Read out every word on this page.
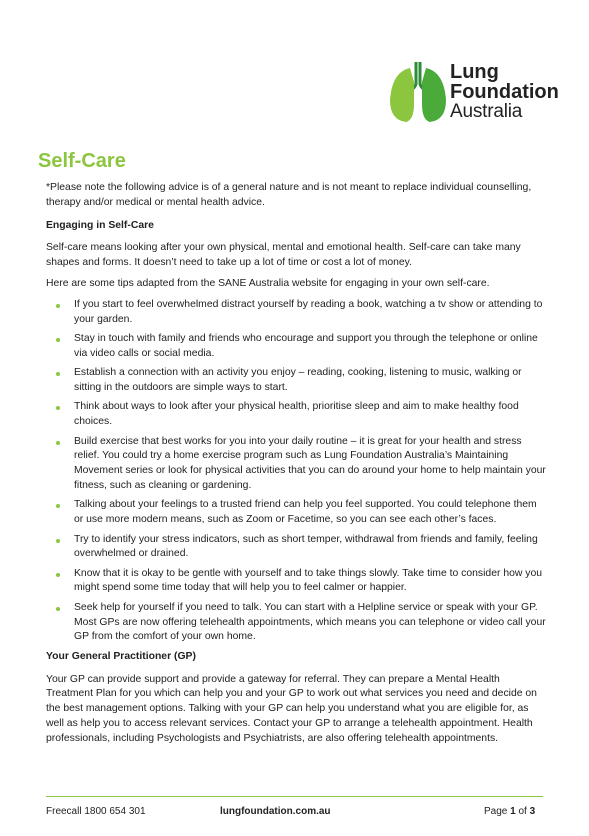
Lung
Foundation
Australia
Self-Care

*Please note the following advice is of a general nature and is not meant to replace individual counselling, therapy and/or medical or mental health advice.

Engaging in Self-Care

Self-care means looking after your own physical, mental and emotional health. Self-care can take many shapes and forms. It doesn’t need to take up a lot of time or cost a lot of money.

Here are some tips adapted from the SANE Australia website for engaging in your own self-care.

If you start to feel overwhelmed distract yourself by reading a book, watching a tv show or attending to your garden.
Stay in touch with family and friends who encourage and support you through the telephone or online via video calls or social media.
Establish a connection with an activity you enjoy – reading, cooking, listening to music, walking or sitting in the outdoors are simple ways to start.
Think about ways to look after your physical health, prioritise sleep and aim to make healthy food choices.
Build exercise that best works for you into your daily routine – it is great for your health and stress relief. You could try a home exercise program such as Lung Foundation Australia’s Maintaining Movement series or look for physical activities that you can do around your home to help maintain your fitness, such as cleaning or gardening.
Talking about your feelings to a trusted friend can help you feel supported. You could telephone them or use more modern means, such as Zoom or Facetime, so you can see each other’s faces.
Try to identify your stress indicators, such as short temper, withdrawal from friends and family, feeling overwhelmed or drained.
Know that it is okay to be gentle with yourself and to take things slowly. Take time to consider how you might spend some time today that will help you to feel calmer or happier.
Seek help for yourself if you need to talk. You can start with a Helpline service or speak with your GP. Most GPs are now offering telehealth appointments, which means you can telephone or video call your GP from the comfort of your own home.

Your General Practitioner (GP)

Your GP can provide support and provide a gateway for referral. They can prepare a Mental Health Treatment Plan for you which can help you and your GP to work out what services you need and decide on the best management options. Talking with your GP can help you understand what you are eligible for, as well as help you to access relevant services. Contact your GP to arrange a telehealth appointment. Health professionals, including Psychologists and Psychiatrists, are also offering telehealth appointments.

Freecall 1800 654 301	lungfoundation.com.au	Page 1 of 3
